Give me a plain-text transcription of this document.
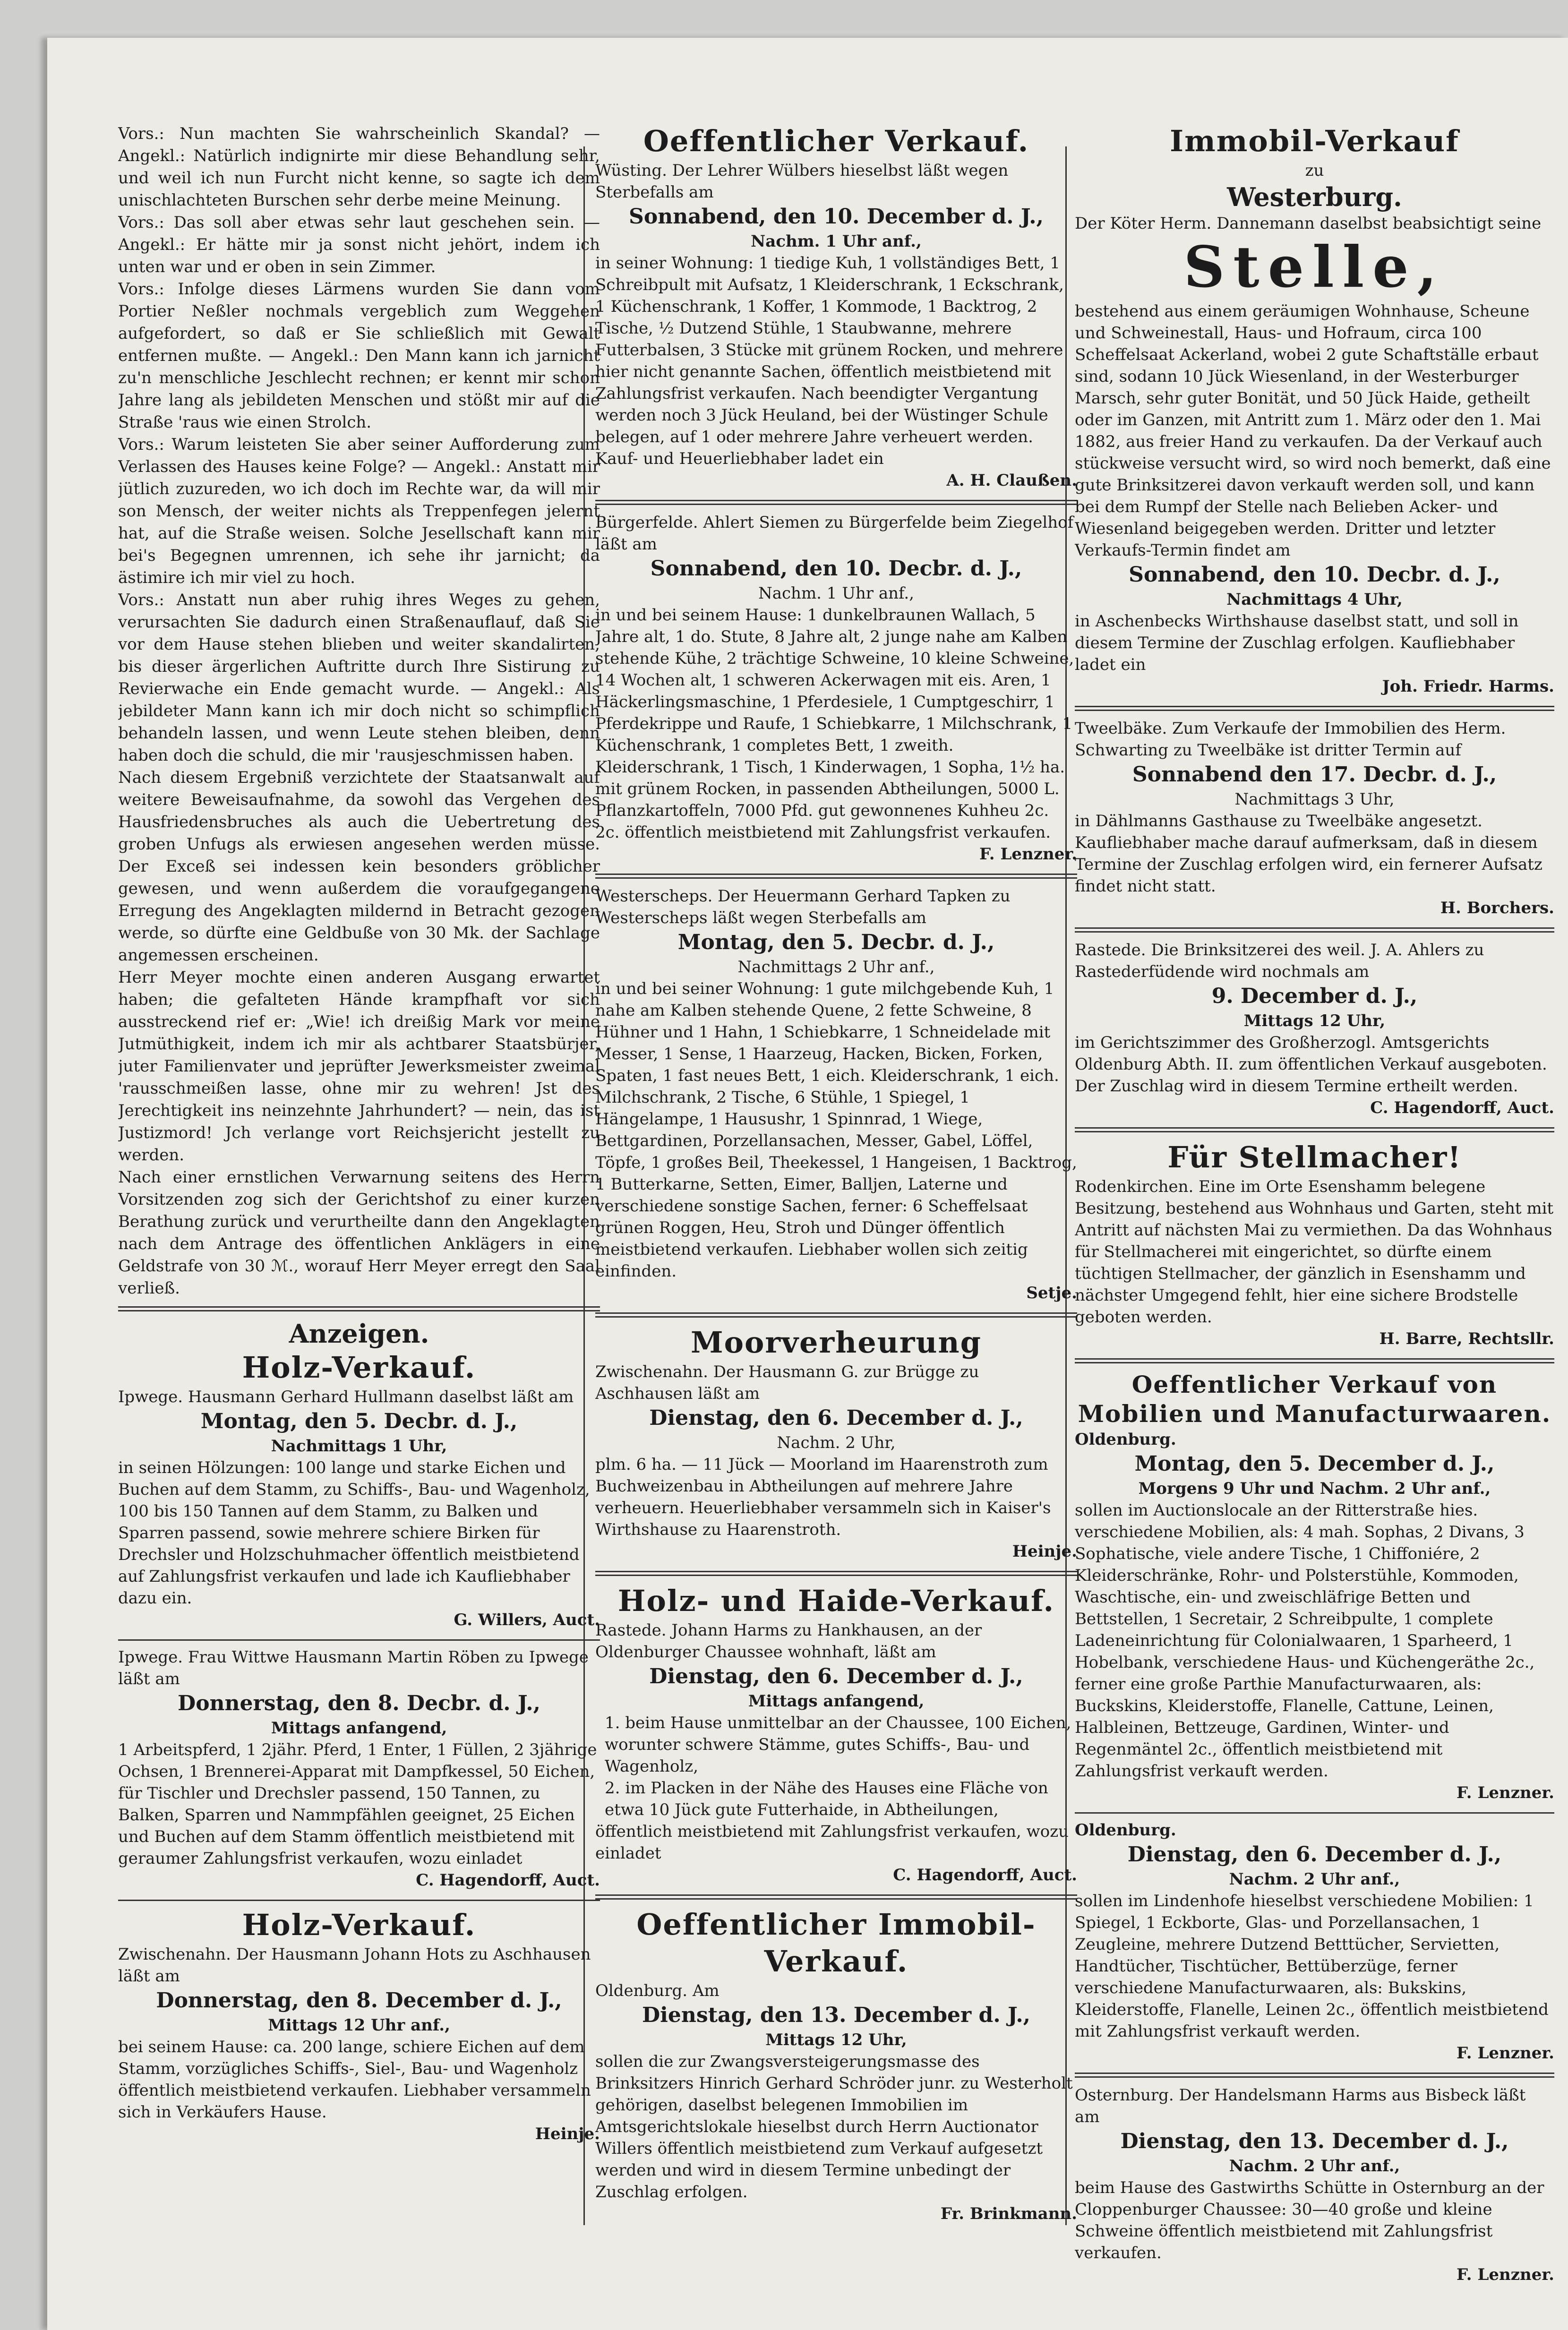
Vors.: Nun machten Sie wahrscheinlich Skandal? — Angekl.: Natürlich indignirte mir diese Behandlung sehr, und weil ich nun Furcht nicht kenne, so sagte ich dem unischlachteten Burschen sehr derbe meine Meinung.

Vors.: Das soll aber etwas sehr laut geschehen sein. — Angekl.: Er hätte mir ja sonst nicht jehört, indem ich unten war und er oben in sein Zimmer.

Vors.: Infolge dieses Lärmens wurden Sie dann vom Portier Neßler nochmals vergeblich zum Weggehen aufgefordert, so daß er Sie schließlich mit Gewalt entfernen mußte. — Angekl.: Den Mann kann ich jarnicht zu'n menschliche Jeschlecht rechnen; er kennt mir schon Jahre lang als jebildeten Menschen und stößt mir auf die Straße 'raus wie einen Strolch.

Vors.: Warum leisteten Sie aber seiner Aufforderung zum Verlassen des Hauses keine Folge? — Angekl.: Anstatt mir jütlich zuzureden, wo ich doch im Rechte war, da will mir son Mensch, der weiter nichts als Treppenfegen jelernt hat, auf die Straße weisen. Solche Jesellschaft kann mir bei's Begegnen umrennen, ich sehe ihr jarnicht; da ästimire ich mir viel zu hoch.

Vors.: Anstatt nun aber ruhig ihres Weges zu gehen, verursachten Sie dadurch einen Straßenauflauf, daß Sie vor dem Hause stehen blieben und weiter skandalirten, bis dieser ärgerlichen Auftritte durch Ihre Sistirung zu Revierwache ein Ende gemacht wurde. — Angekl.: Als jebildeter Mann kann ich mir doch nicht so schimpflich behandeln lassen, und wenn Leute stehen bleiben, denn haben doch die schuld, die mir 'rausjeschmissen haben.

Nach diesem Ergebniß verzichtete der Staatsanwalt auf weitere Beweisaufnahme, da sowohl das Vergehen des Hausfriedensbruches als auch die Uebertretung des groben Unfugs als erwiesen angesehen werden müsse. Der Exceß sei indessen kein besonders gröblicher gewesen, und wenn außerdem die voraufgegangene Erregung des Angeklagten mildernd in Betracht gezogen werde, so dürfte eine Geldbuße von 30 Mk. der Sachlage angemessen erscheinen.

Herr Meyer mochte einen anderen Ausgang erwartet haben; die gefalteten Hände krampfhaft vor sich ausstreckend rief er: „Wie! ich dreißig Mark vor meine Jutmüthigkeit, indem ich mir als achtbarer Staatsbürjer, juter Familienvater und jeprüfter Jewerksmeister zweimal 'rausschmeißen lasse, ohne mir zu wehren! Jst des Jerechtigkeit ins neinzehnte Jahrhundert? — nein, das ist Justizmord! Jch verlange vort Reichsjericht jestellt zu werden.

Nach einer ernstlichen Verwarnung seitens des Herrn Vorsitzenden zog sich der Gerichtshof zu einer kurzen Berathung zurück und verurtheilte dann den Angeklagten nach dem Antrage des öffentlichen Anklägers in eine Geldstrafe von 30 ℳ., worauf Herr Meyer erregt den Saal verließ.

Anzeigen.
Holz-Verkauf.

Ipwege. Hausmann Gerhard Hullmann daselbst läßt am

Montag, den 5. Decbr. d. J.,
Nachmittags 1 Uhr,

in seinen Hölzungen: 100 lange und starke Eichen und Buchen auf dem Stamm, zu Schiffs-, Bau- und Wagenholz, 100 bis 150 Tannen auf dem Stamm, zu Balken und Sparren passend, sowie mehrere schiere Birken für Drechsler und Holzschuhmacher öffentlich meistbietend auf Zahlungsfrist verkaufen und lade ich Kaufliebhaber dazu ein.

G. Willers, Auct.

Ipwege. Frau Wittwe Hausmann Martin Röben zu Ipwege läßt am

Donnerstag, den 8. Decbr. d. J.,
Mittags anfangend,

1 Arbeitspferd, 1 2jähr. Pferd, 1 Enter, 1 Füllen, 2 3jährige Ochsen, 1 Brennerei-Apparat mit Dampfkessel, 50 Eichen, für Tischler und Drechsler passend, 150 Tannen, zu Balken, Sparren und Nammpfählen geeignet, 25 Eichen und Buchen auf dem Stamm öffentlich meistbietend mit geraumer Zahlungsfrist verkaufen, wozu einladet

C. Hagendorff, Auct.
Holz-Verkauf.

Zwischenahn. Der Hausmann Johann Hots zu Aschhausen läßt am

Donnerstag, den 8. December d. J.,
Mittags 12 Uhr anf.,

bei seinem Hause: ca. 200 lange, schiere Eichen auf dem Stamm, vorzügliches Schiffs-, Siel-, Bau- und Wagenholz öffentlich meistbietend verkaufen. Liebhaber versammeln sich in Verkäufers Hause.

Heinje.
Oeffentlicher Verkauf.

Wüsting. Der Lehrer Wülbers hieselbst läßt wegen Sterbefalls am

Sonnabend, den 10. December d. J.,
Nachm. 1 Uhr anf.,

in seiner Wohnung: 1 tiedige Kuh, 1 vollständiges Bett, 1 Schreibpult mit Aufsatz, 1 Kleiderschrank, 1 Eckschrank, 1 Küchenschrank, 1 Koffer, 1 Kommode, 1 Backtrog, 2 Tische, ½ Dutzend Stühle, 1 Staubwanne, mehrere Futterbalsen, 3 Stücke mit grünem Rocken, und mehrere hier nicht genannte Sachen, öffentlich meistbietend mit Zahlungsfrist verkaufen. Nach beendigter Vergantung werden noch 3 Jück Heuland, bei der Wüstinger Schule belegen, auf 1 oder mehrere Jahre verheuert werden. Kauf- und Heuerliebhaber ladet ein

A. H. Claußen.

Bürgerfelde. Ahlert Siemen zu Bürgerfelde beim Ziegelhof läßt am

Sonnabend, den 10. Decbr. d. J.,
Nachm. 1 Uhr anf.,

in und bei seinem Hause: 1 dunkelbraunen Wallach, 5 Jahre alt, 1 do. Stute, 8 Jahre alt, 2 junge nahe am Kalben stehende Kühe, 2 trächtige Schweine, 10 kleine Schweine, 14 Wochen alt, 1 schweren Ackerwagen mit eis. Aren, 1 Häckerlingsmaschine, 1 Pferdesiele, 1 Cumptgeschirr, 1 Pferdekrippe und Raufe, 1 Schiebkarre, 1 Milchschrank, 1 Küchenschrank, 1 completes Bett, 1 zweith. Kleiderschrank, 1 Tisch, 1 Kinderwagen, 1 Sopha, 1½ ha. mit grünem Rocken, in passenden Abtheilungen, 5000 L. Pflanzkartoffeln, 7000 Pfd. gut gewonnenes Kuhheu 2c. 2c. öffentlich meistbietend mit Zahlungsfrist verkaufen.

F. Lenzner.

Westerscheps. Der Heuermann Gerhard Tapken zu Westerscheps läßt wegen Sterbefalls am

Montag, den 5. Decbr. d. J.,
Nachmittags 2 Uhr anf.,

in und bei seiner Wohnung: 1 gute milchgebende Kuh, 1 nahe am Kalben stehende Quene, 2 fette Schweine, 8 Hühner und 1 Hahn, 1 Schiebkarre, 1 Schneidelade mit Messer, 1 Sense, 1 Haarzeug, Hacken, Bicken, Forken, Spaten, 1 fast neues Bett, 1 eich. Kleiderschrank, 1 eich. Milchschrank, 2 Tische, 6 Stühle, 1 Spiegel, 1 Hängelampe, 1 Hausushr, 1 Spinnrad, 1 Wiege, Bettgardinen, Porzellansachen, Messer, Gabel, Löffel, Töpfe, 1 großes Beil, Theekessel, 1 Hangeisen, 1 Backtrog, 1 Butterkarne, Setten, Eimer, Balljen, Laterne und verschiedene sonstige Sachen, ferner: 6 Scheffelsaat grünen Roggen, Heu, Stroh und Dünger öffentlich meistbietend verkaufen. Liebhaber wollen sich zeitig einfinden.

Setje.
Moorverheurung

Zwischenahn. Der Hausmann G. zur Brügge zu Aschhausen läßt am

Dienstag, den 6. December d. J.,
Nachm. 2 Uhr,

plm. 6 ha. — 11 Jück — Moorland im Haarenstroth zum Buchweizenbau in Abtheilungen auf mehrere Jahre verheuern. Heuerliebhaber versammeln sich in Kaiser's Wirthshause zu Haarenstroth.

Heinje.
Holz- und Haide-Verkauf.

Rastede. Johann Harms zu Hankhausen, an der Oldenburger Chaussee wohnhaft, läßt am

Dienstag, den 6. December d. J.,
Mittags anfangend,

1. beim Hause unmittelbar an der Chaussee, 100 Eichen, worunter schwere Stämme, gutes Schiffs-, Bau- und Wagenholz,

2. im Placken in der Nähe des Hauses eine Fläche von etwa 10 Jück gute Futterhaide, in Abtheilungen,

öffentlich meistbietend mit Zahlungsfrist verkaufen, wozu einladet

C. Hagendorff, Auct.
Oeffentlicher Immobil-Verkauf.

Oldenburg. Am

Dienstag, den 13. December d. J.,
Mittags 12 Uhr,

sollen die zur Zwangsversteigerungsmasse des Brinksitzers Hinrich Gerhard Schröder junr. zu Westerholt gehörigen, daselbst belegenen Immobilien im Amtsgerichtslokale hieselbst durch Herrn Auctionator Willers öffentlich meistbietend zum Verkauf aufgesetzt werden und wird in diesem Termine unbedingt der Zuschlag erfolgen.

Fr. Brinkmann.
Immobil-Verkauf
zu
Westerburg.

Der Köter Herm. Dannemann daselbst beabsichtigt seine

Stelle,

bestehend aus einem geräumigen Wohnhause, Scheune und Schweinestall, Haus- und Hofraum, circa 100 Scheffelsaat Ackerland, wobei 2 gute Schaftställe erbaut sind, sodann 10 Jück Wiesenland, in der Westerburger Marsch, sehr guter Bonität, und 50 Jück Haide, getheilt oder im Ganzen, mit Antritt zum 1. März oder den 1. Mai 1882, aus freier Hand zu verkaufen. Da der Verkauf auch stückweise versucht wird, so wird noch bemerkt, daß eine gute Brinksitzerei davon verkauft werden soll, und kann bei dem Rumpf der Stelle nach Belieben Acker- und Wiesenland beigegeben werden. Dritter und letzter Verkaufs-Termin findet am

Sonnabend, den 10. Decbr. d. J.,
Nachmittags 4 Uhr,

in Aschenbecks Wirthshause daselbst statt, und soll in diesem Termine der Zuschlag erfolgen. Kaufliebhaber ladet ein

Joh. Friedr. Harms.

Tweelbäke. Zum Verkaufe der Immobilien des Herm. Schwarting zu Tweelbäke ist dritter Termin auf

Sonnabend den 17. Decbr. d. J.,
Nachmittags 3 Uhr,

in Dählmanns Gasthause zu Tweelbäke angesetzt. Kaufliebhaber mache darauf aufmerksam, daß in diesem Termine der Zuschlag erfolgen wird, ein fernerer Aufsatz findet nicht statt.

H. Borchers.

Rastede. Die Brinksitzerei des weil. J. A. Ahlers zu Rastederfüdende wird nochmals am

9. December d. J.,
Mittags 12 Uhr,

im Gerichtszimmer des Großherzogl. Amtsgerichts Oldenburg Abth. II. zum öffentlichen Verkauf ausgeboten. Der Zuschlag wird in diesem Termine ertheilt werden.

C. Hagendorff, Auct.
Für Stellmacher!

Rodenkirchen. Eine im Orte Esenshamm belegene Besitzung, bestehend aus Wohnhaus und Garten, steht mit Antritt auf nächsten Mai zu vermiethen. Da das Wohnhaus für Stellmacherei mit eingerichtet, so dürfte einem tüchtigen Stellmacher, der gänzlich in Esenshamm und nächster Umgegend fehlt, hier eine sichere Brodstelle geboten werden.

H. Barre, Rechtsllr.
Oeffentlicher Verkauf von Mobilien und Manufacturwaaren.

Oldenburg.

Montag, den 5. December d. J.,
Morgens 9 Uhr und Nachm. 2 Uhr anf.,

sollen im Auctionslocale an der Ritterstraße hies. verschiedene Mobilien, als: 4 mah. Sophas, 2 Divans, 3 Sophatische, viele andere Tische, 1 Chiffoniére, 2 Kleiderschränke, Rohr- und Polsterstühle, Kommoden, Waschtische, ein- und zweischläfrige Betten und Bettstellen, 1 Secretair, 2 Schreibpulte, 1 complete Ladeneinrichtung für Colonialwaaren, 1 Sparheerd, 1 Hobelbank, verschiedene Haus- und Küchengeräthe 2c., ferner eine große Parthie Manufacturwaaren, als: Buckskins, Kleiderstoffe, Flanelle, Cattune, Leinen, Halbleinen, Bettzeuge, Gardinen, Winter- und Regenmäntel 2c., öffentlich meistbietend mit Zahlungsfrist verkauft werden.

F. Lenzner.

Oldenburg.

Dienstag, den 6. December d. J.,
Nachm. 2 Uhr anf.,

sollen im Lindenhofe hieselbst verschiedene Mobilien: 1 Spiegel, 1 Eckborte, Glas- und Porzellansachen, 1 Zeugleine, mehrere Dutzend Betttücher, Servietten, Handtücher, Tischtücher, Bettüberzüge, ferner verschiedene Manufacturwaaren, als: Bukskins, Kleiderstoffe, Flanelle, Leinen 2c., öffentlich meistbietend mit Zahlungsfrist verkauft werden.

F. Lenzner.

Osternburg. Der Handelsmann Harms aus Bisbeck läßt am

Dienstag, den 13. December d. J.,
Nachm. 2 Uhr anf.,

beim Hause des Gastwirths Schütte in Osternburg an der Cloppenburger Chaussee: 30—40 große und kleine Schweine öffentlich meistbietend mit Zahlungsfrist verkaufen.

F. Lenzner.
